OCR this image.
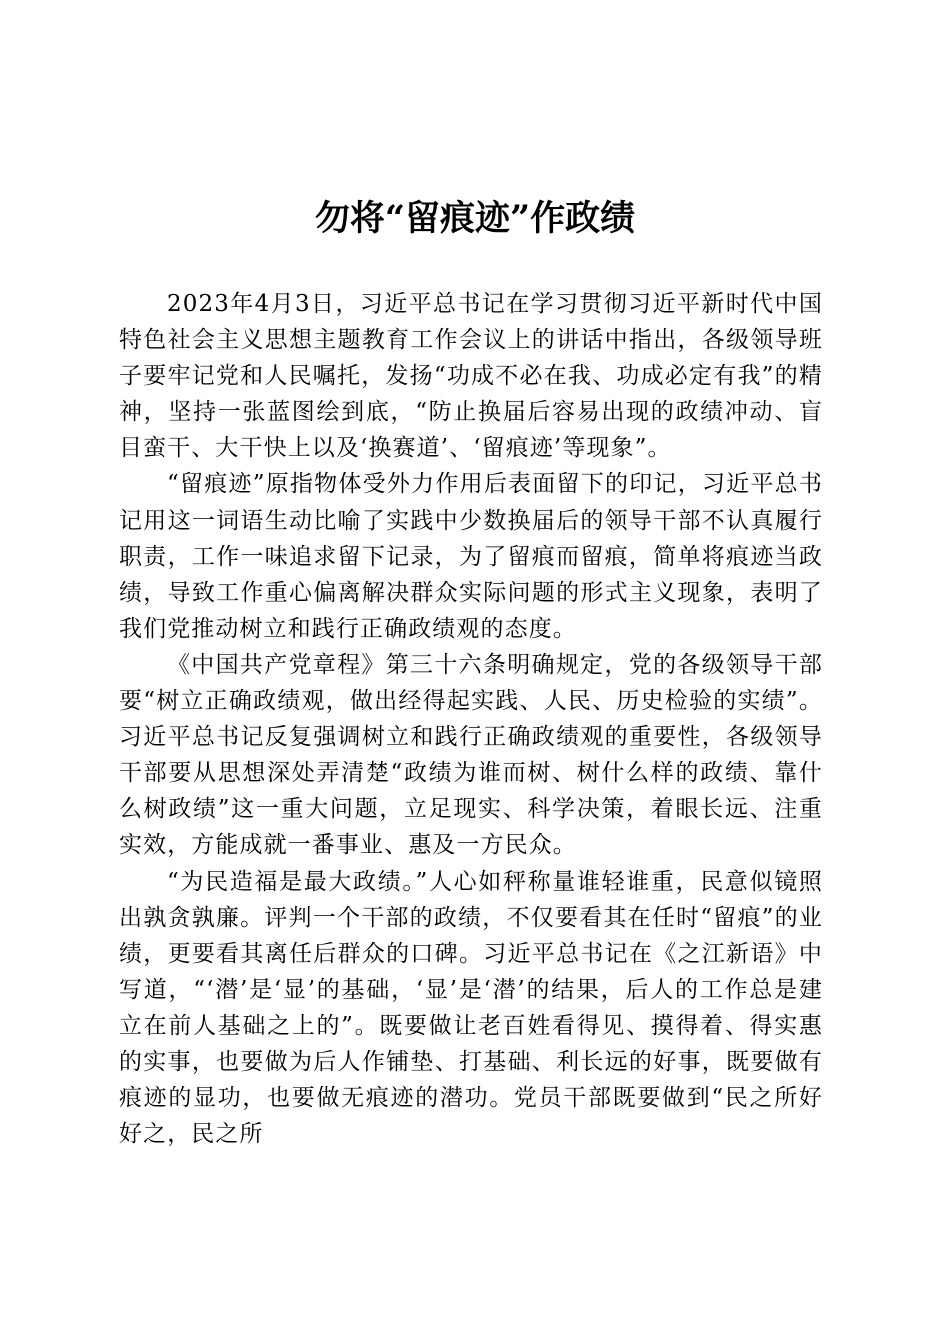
勿将“留痕迹”作政绩

2023年4月3日，习近平总书记在学习贯彻习近平新时代中国特色社会主义思想主题教育工作会议上的讲话中指出，各级领导班子要牢记党和人民嘱托，发扬“功成不必在我、功成必定有我”的精神，坚持一张蓝图绘到底，“防止换届后容易出现的政绩冲动、盲目蛮干、大干快上以及‘换赛道’、‘留痕迹’等现象”。

“留痕迹”原指物体受外力作用后表面留下的印记，习近平总书记用这一词语生动比喻了实践中少数换届后的领导干部不认真履行职责，工作一味追求留下记录，为了留痕而留痕，简单将痕迹当政绩，导致工作重心偏离解决群众实际问题的形式主义现象，表明了我们党推动树立和践行正确政绩观的态度。

《中国共产党章程》第三十六条明确规定，党的各级领导干部要“树立正确政绩观，做出经得起实践、人民、历史检验的实绩”。习近平总书记反复强调树立和践行正确政绩观的重要性，各级领导干部要从思想深处弄清楚“政绩为谁而树、树什么样的政绩、靠什么树政绩”这一重大问题，立足现实、科学决策，着眼长远、注重实效，方能成就一番事业、惠及一方民众。

“为民造福是最大政绩。”人心如秤称量谁轻谁重，民意似镜照出孰贪孰廉。评判一个干部的政绩，不仅要看其在任时“留痕”的业绩，更要看其离任后群众的口碑。习近平总书记在《之江新语》中写道，“‘潜’是‘显’的基础，‘显’是‘潜’的结果，后人的工作总是建立在前人基础之上的”。既要做让老百姓看得见、摸得着、得实惠的实事，也要做为后人作铺垫、打基础、利长远的好事，既要做有痕迹的显功，也要做无痕迹的潜功。党员干部既要做到“民之所好好之，民之所
